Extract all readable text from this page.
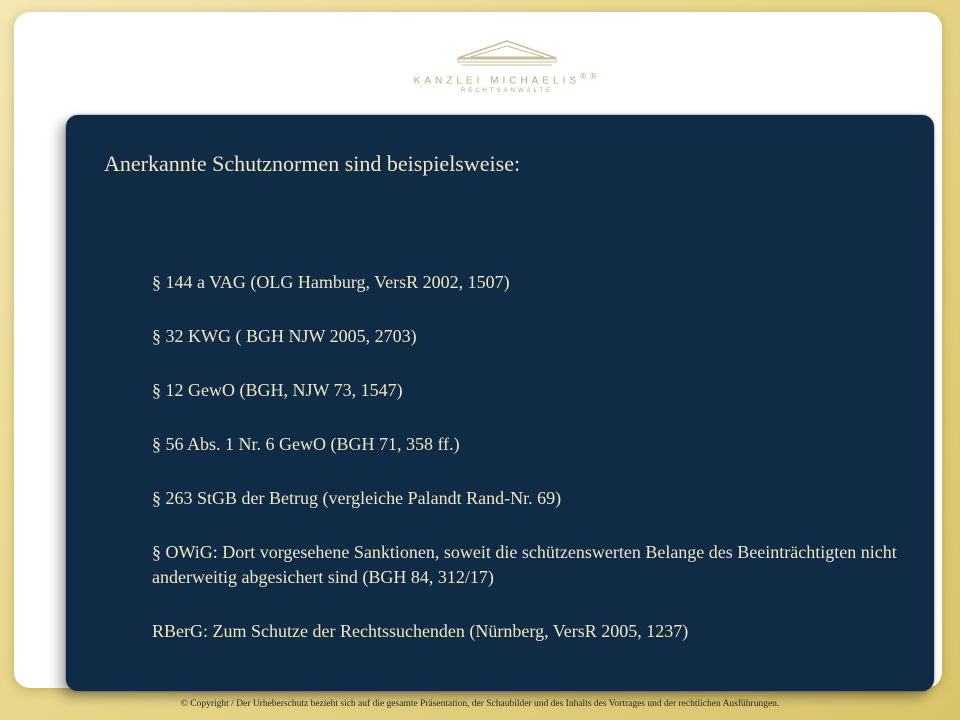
KANZLEI MICHAELIS®®
RECHTSANWÄLTE
Anerkannte Schutznormen sind beispielsweise:
§ 144 a VAG (OLG Hamburg, VersR 2002, 1507)
§ 32 KWG ( BGH NJW 2005, 2703)
§ 12 GewO (BGH, NJW 73, 1547)
§ 56 Abs. 1 Nr. 6 GewO (BGH 71, 358 ff.)
§ 263 StGB der Betrug (vergleiche Palandt Rand-Nr. 69)
§ OWiG: Dort vorgesehene Sanktionen, soweit die schützenswerten Belange des Beeinträchtigten nicht anderweitig abgesichert sind (BGH 84, 312/17)
RBerG: Zum Schutze der Rechtssuchenden (Nürnberg, VersR 2005, 1237)
© Copyright / Der Urheberschutz bezieht sich auf die gesamte Präsentation, der Schaubilder und des Inhalts des Vortrages und der rechtlichen Ausführungen.
